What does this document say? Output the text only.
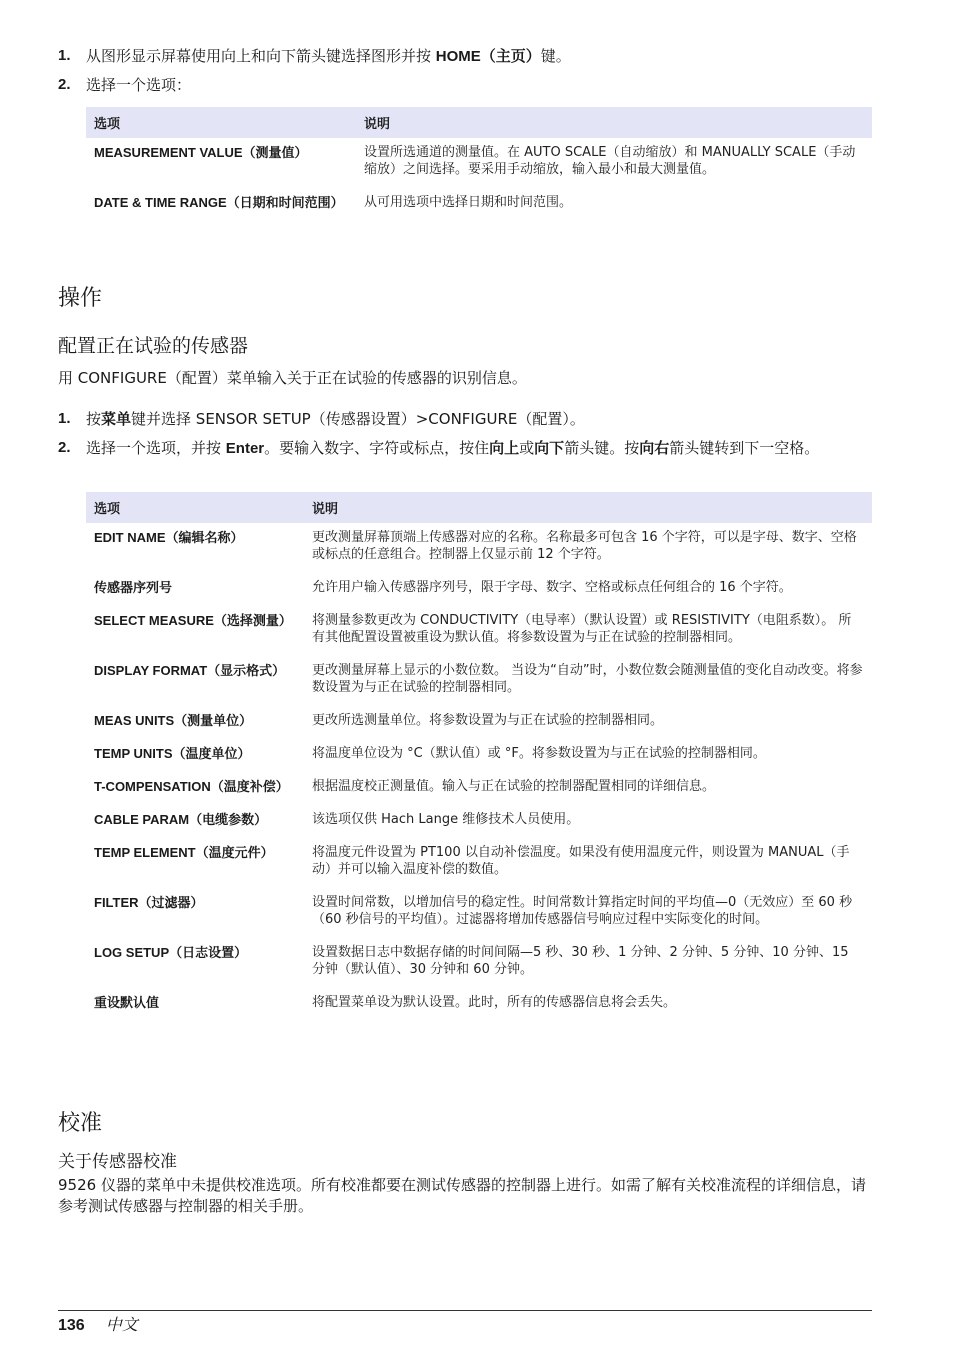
1. 从图形显示屏幕使用向上和向下箭头键选择图形并按 HOME（主页）键。
2. 选择一个选项：
选项	说明
MEASUREMENT VALUE（测量值）	设置所选通道的测量值。在 AUTO SCALE（自动缩放）和 MANUALLY SCALE（手动缩放）之间选择。要采用手动缩放，输入最小和最大测量值。
DATE & TIME RANGE（日期和时间范围）	从可用选项中选择日期和时间范围。
操作
配置正在试验的传感器

用 CONFIGURE（配置）菜单输入关于正在试验的传感器的识别信息。

1. 按菜单键并选择 SENSOR SETUP（传感器设置）>CONFIGURE（配置）。
2. 选择一个选项，并按 Enter。要输入数字、字符或标点，按住向上或向下箭头键。按向右箭头键转到下一空格。
选项	说明
EDIT NAME（编辑名称）	更改测量屏幕顶端上传感器对应的名称。名称最多可包含 16 个字符，可以是字母、数字、空格或标点的任意组合。控制器上仅显示前 12 个字符。
传感器序列号	允许用户输入传感器序列号，限于字母、数字、空格或标点任何组合的 16 个字符。
SELECT MEASURE（选择测量）	将测量参数更改为 CONDUCTIVITY（电导率）（默认设置）或 RESISTIVITY（电阻系数）。 所有其他配置设置被重设为默认值。将参数设置为与正在试验的控制器相同。
DISPLAY FORMAT（显示格式）	更改测量屏幕上显示的小数位数。 当设为“自动”时，小数位数会随测量值的变化自动改变。将参数设置为与正在试验的控制器相同。
MEAS UNITS（测量单位）	更改所选测量单位。将参数设置为与正在试验的控制器相同。
TEMP UNITS（温度单位）	将温度单位设为 °C（默认值）或 °F。将参数设置为与正在试验的控制器相同。
T-COMPENSATION（温度补偿）	根据温度校正测量值。输入与正在试验的控制器配置相同的详细信息。
CABLE PARAM（电缆参数）	该选项仅供 Hach Lange 维修技术人员使用。
TEMP ELEMENT（温度元件）	将温度元件设置为 PT100 以自动补偿温度。如果没有使用温度元件，则设置为 MANUAL（手动）并可以输入温度补偿的数值。
FILTER（过滤器）	设置时间常数，以增加信号的稳定性。时间常数计算指定时间的平均值—0（无效应）至 60 秒（60 秒信号的平均值）。过滤器将增加传感器信号响应过程中实际变化的时间。
LOG SETUP（日志设置）	设置数据日志中数据存储的时间间隔—5 秒、30 秒、1 分钟、2 分钟、5 分钟、10 分钟、15 分钟（默认值）、30 分钟和 60 分钟。
重设默认值	将配置菜单设为默认设置。此时，所有的传感器信息将会丢失。
校准
关于传感器校准

9526 仪器的菜单中未提供校准选项。所有校准都要在测试传感器的控制器上进行。如需了解有关校准流程的详细信息，请参考测试传感器与控制器的相关手册。

136 中文
